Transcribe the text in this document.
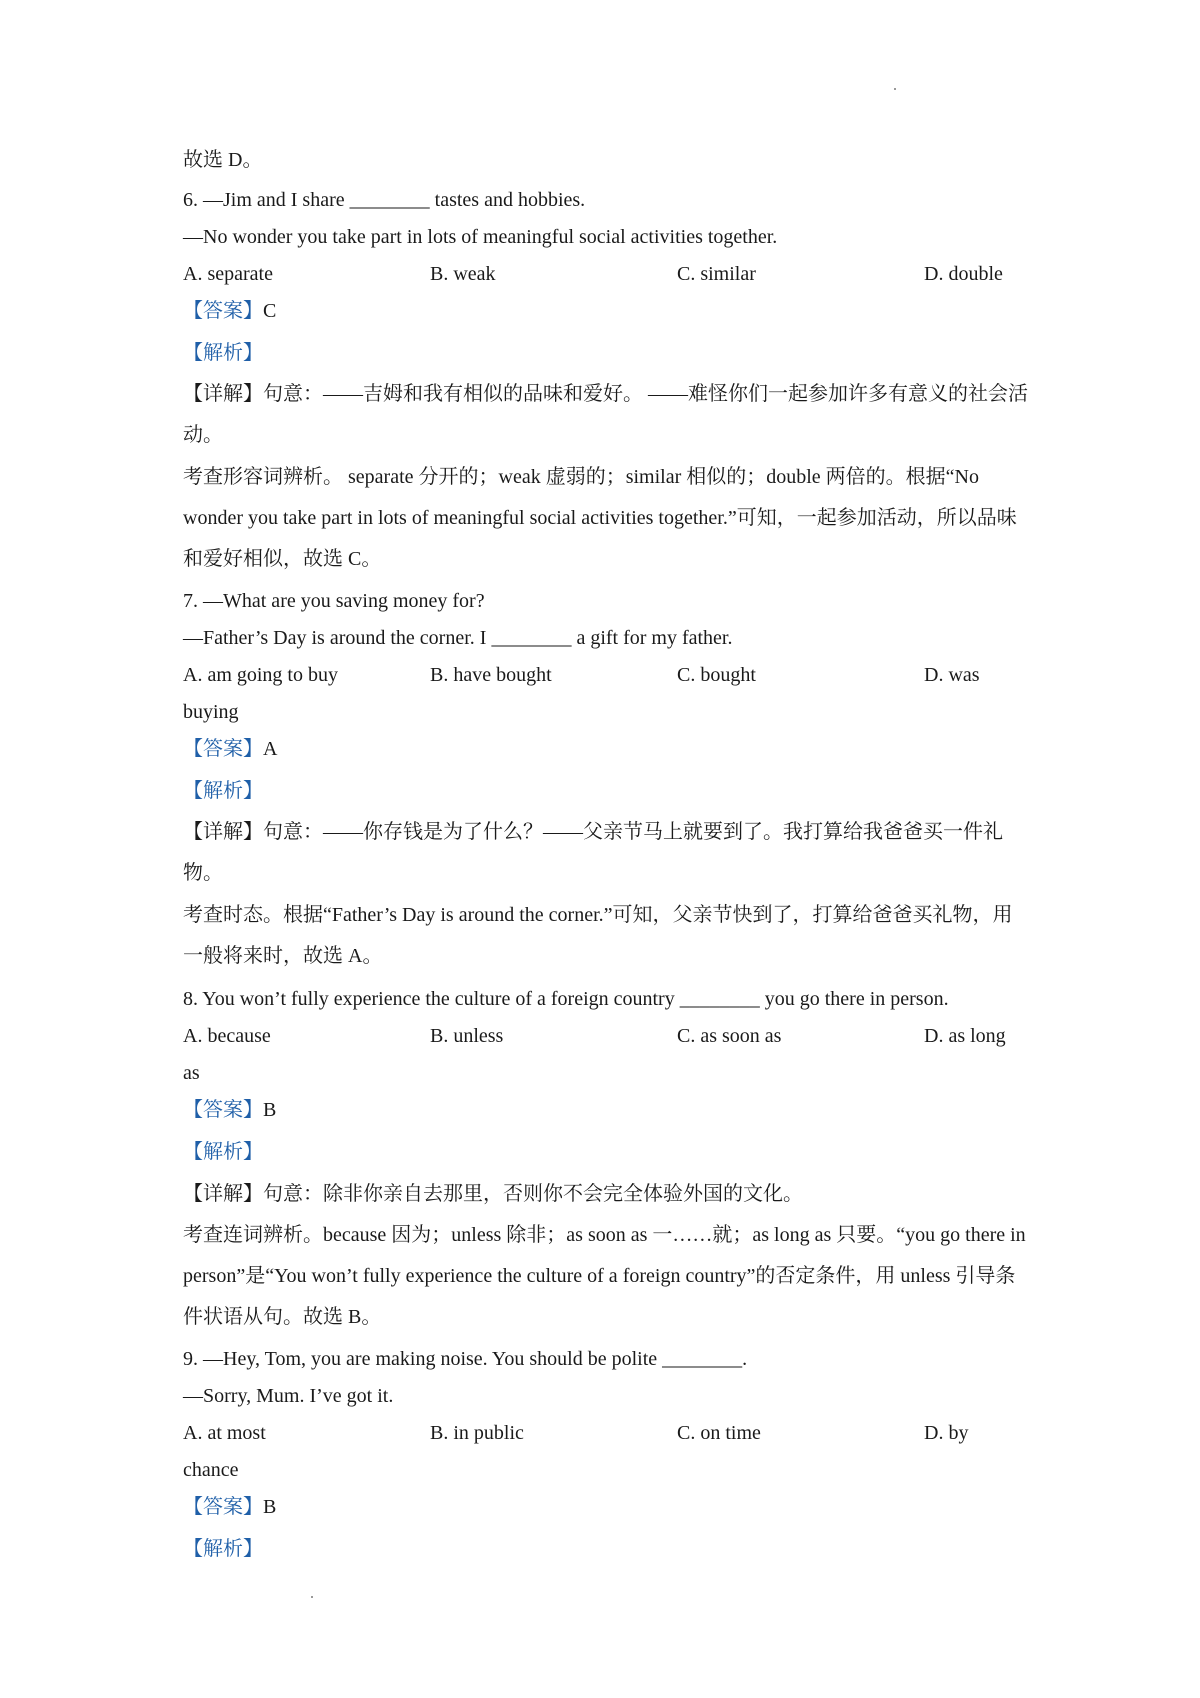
故选 D。
6. —Jim and I share ________ tastes and hobbies.
—No wonder you take part in lots of meaningful social activities together.
A. separate	B. weak	C. similar	D. double
【答案】C
【解析】
【详解】句意：——吉姆和我有相似的品味和爱好。 ——难怪你们一起参加许多有意义的社会活动。
考查形容词辨析。 separate 分开的；weak 虚弱的；similar 相似的；double 两倍的。根据“No wonder you take part in lots of meaningful social activities together.”可知，一起参加活动，所以品味和爱好相似，故选 C。
7. —What are you saving money for?
—Father’s Day is around the corner. I ________ a gift for my father.
A. am going to buy	B. have bought	C. bought	D. was
buying
【答案】A
【解析】
【详解】句意：——你存钱是为了什么？——父亲节马上就要到了。我打算给我爸爸买一件礼物。
考查时态。根据“Father’s Day is around the corner.”可知，父亲节快到了，打算给爸爸买礼物，用一般将来时，故选 A。
8. You won’t fully experience the culture of a foreign country ________ you go there in person.
A. because	B. unless	C. as soon as	D. as long
as
【答案】B
【解析】
【详解】句意：除非你亲自去那里，否则你不会完全体验外国的文化。
考查连词辨析。because 因为；unless 除非；as soon as 一……就；as long as 只要。“you go there in person”是“You won’t fully experience the culture of a foreign country”的否定条件，用 unless 引导条件状语从句。故选 B。
9. —Hey, Tom, you are making noise. You should be polite ________.
—Sorry, Mum. I’ve got it.
A. at most	B. in public	C. on time	D. by
chance
【答案】B
【解析】
